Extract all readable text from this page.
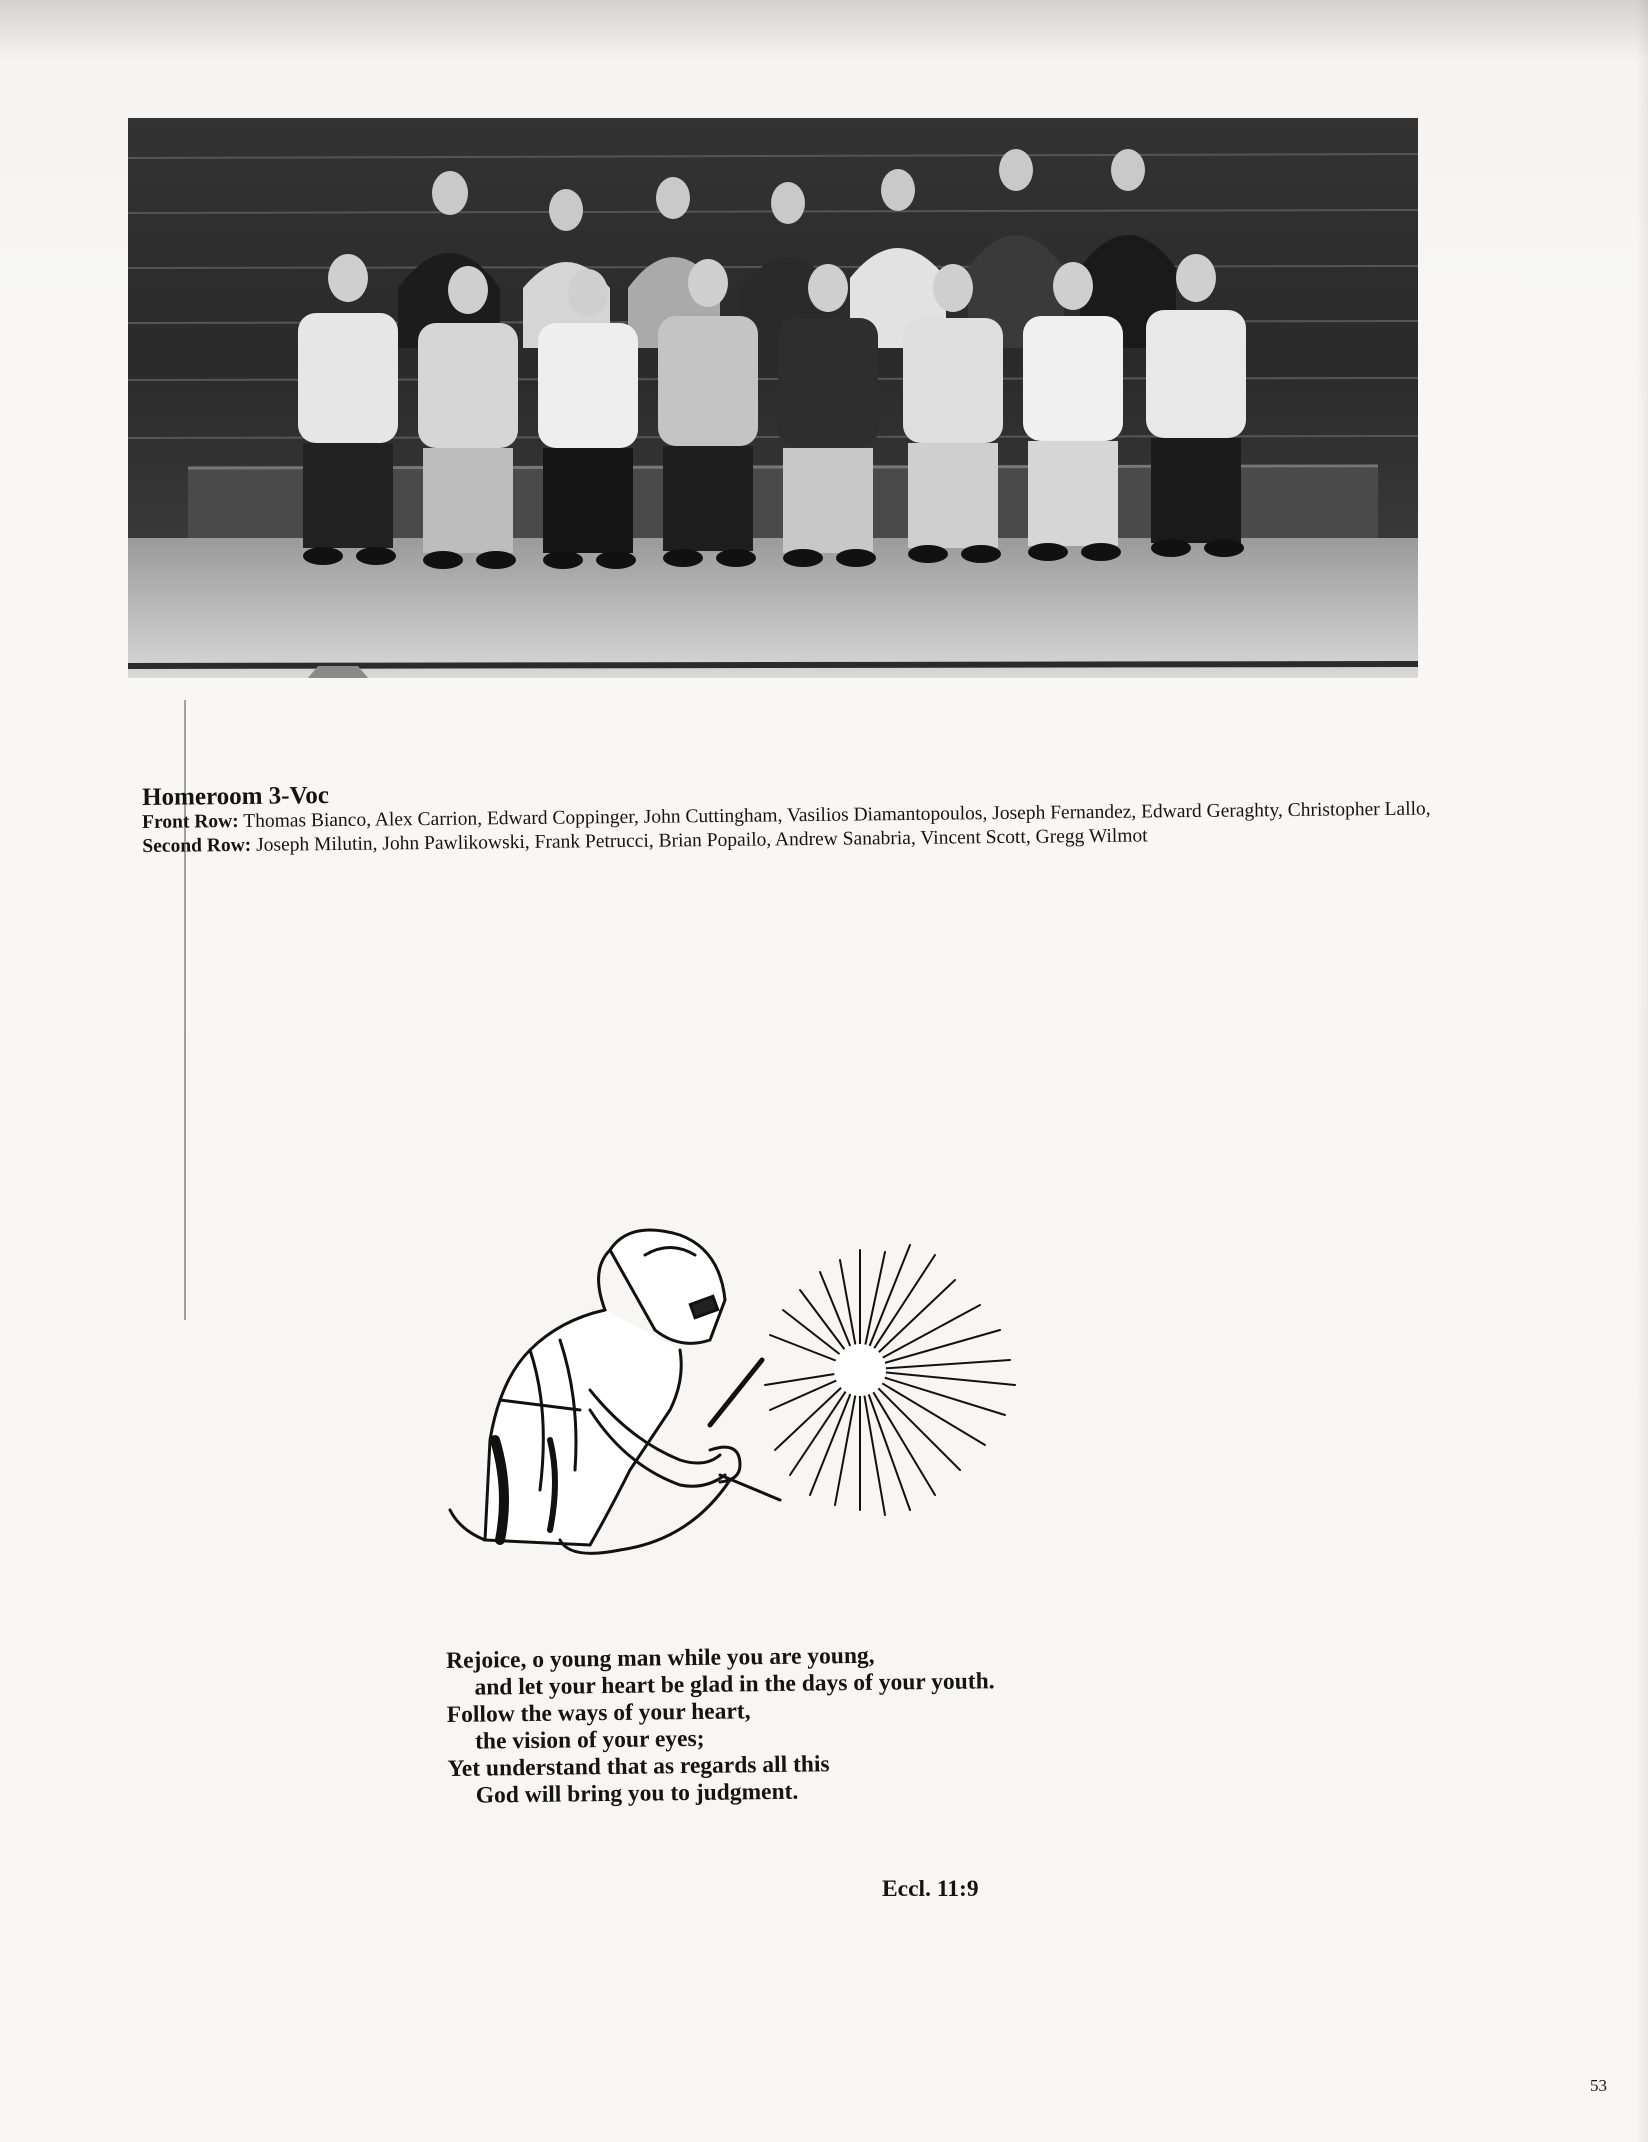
Homeroom 3-Voc

Front Row: Thomas Bianco, Alex Carrion, Edward Coppinger, John Cuttingham, Vasilios Diamantopoulos, Joseph Fernandez, Edward Geraghty, Christopher Lallo, Second Row: Joseph Milutin, John Pawlikowski, Frank Petrucci, Brian Popailo, Andrew Sanabria, Vincent Scott, Gregg Wilmot

Rejoice, o young man while you are young,
and let your heart be glad in the days of your youth.
Follow the ways of your heart,
the vision of your eyes;
Yet understand that as regards all this
God will bring you to judgment.
Eccl. 11:9
53
